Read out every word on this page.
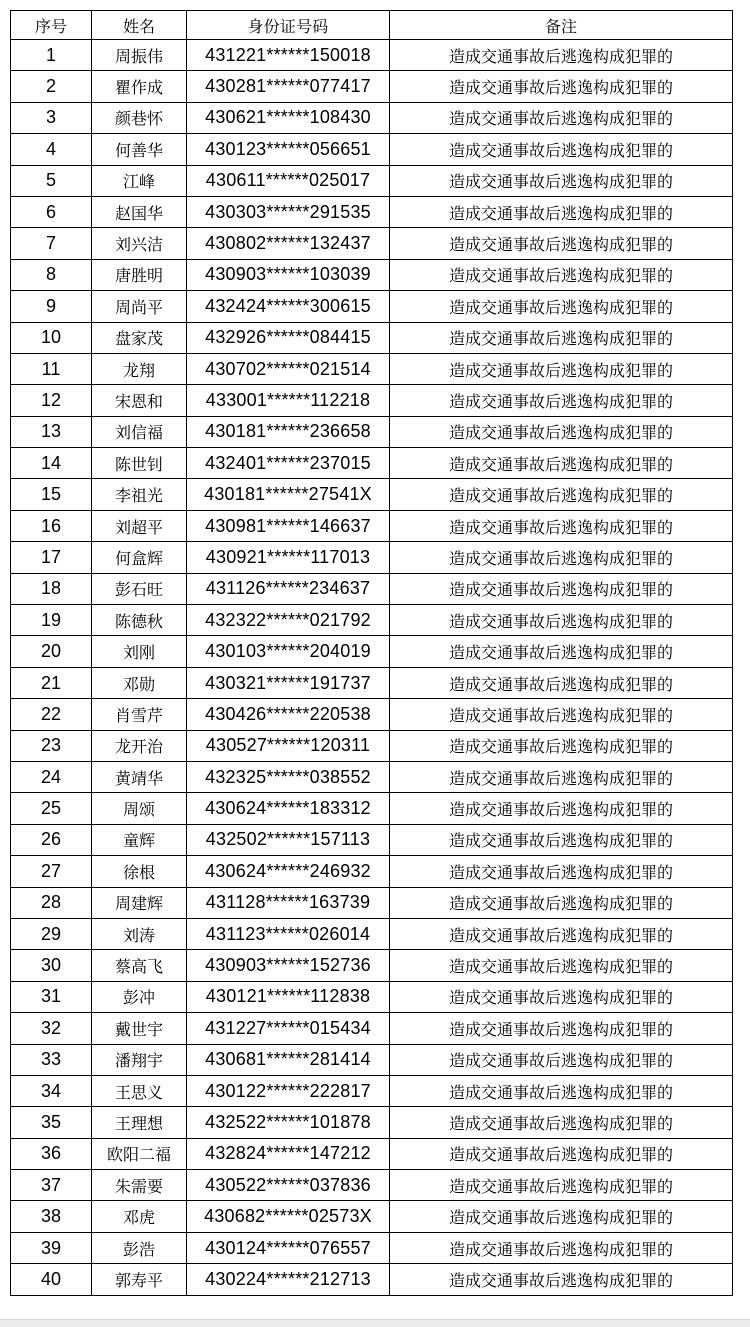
序号	姓名	身份证号码	备注
1	周振伟	431221******150018	造成交通事故后逃逸构成犯罪的
2	瞿作成	430281******077417	造成交通事故后逃逸构成犯罪的
3	颜巷怀	430621******108430	造成交通事故后逃逸构成犯罪的
4	何善华	430123******056651	造成交通事故后逃逸构成犯罪的
5	江峰	430611******025017	造成交通事故后逃逸构成犯罪的
6	赵国华	430303******291535	造成交通事故后逃逸构成犯罪的
7	刘兴洁	430802******132437	造成交通事故后逃逸构成犯罪的
8	唐胜明	430903******103039	造成交通事故后逃逸构成犯罪的
9	周尚平	432424******300615	造成交通事故后逃逸构成犯罪的
10	盘家茂	432926******084415	造成交通事故后逃逸构成犯罪的
11	龙翔	430702******021514	造成交通事故后逃逸构成犯罪的
12	宋恩和	433001******112218	造成交通事故后逃逸构成犯罪的
13	刘信福	430181******236658	造成交通事故后逃逸构成犯罪的
14	陈世钊	432401******237015	造成交通事故后逃逸构成犯罪的
15	李祖光	430181******27541X	造成交通事故后逃逸构成犯罪的
16	刘超平	430981******146637	造成交通事故后逃逸构成犯罪的
17	何盒辉	430921******117013	造成交通事故后逃逸构成犯罪的
18	彭石旺	431126******234637	造成交通事故后逃逸构成犯罪的
19	陈德秋	432322******021792	造成交通事故后逃逸构成犯罪的
20	刘刚	430103******204019	造成交通事故后逃逸构成犯罪的
21	邓勋	430321******191737	造成交通事故后逃逸构成犯罪的
22	肖雪芹	430426******220538	造成交通事故后逃逸构成犯罪的
23	龙开治	430527******120311	造成交通事故后逃逸构成犯罪的
24	黄靖华	432325******038552	造成交通事故后逃逸构成犯罪的
25	周颂	430624******183312	造成交通事故后逃逸构成犯罪的
26	童辉	432502******157113	造成交通事故后逃逸构成犯罪的
27	徐根	430624******246932	造成交通事故后逃逸构成犯罪的
28	周建辉	431128******163739	造成交通事故后逃逸构成犯罪的
29	刘涛	431123******026014	造成交通事故后逃逸构成犯罪的
30	蔡高飞	430903******152736	造成交通事故后逃逸构成犯罪的
31	彭冲	430121******112838	造成交通事故后逃逸构成犯罪的
32	戴世宇	431227******015434	造成交通事故后逃逸构成犯罪的
33	潘翔宇	430681******281414	造成交通事故后逃逸构成犯罪的
34	王思义	430122******222817	造成交通事故后逃逸构成犯罪的
35	王理想	432522******101878	造成交通事故后逃逸构成犯罪的
36	欧阳二福	432824******147212	造成交通事故后逃逸构成犯罪的
37	朱需要	430522******037836	造成交通事故后逃逸构成犯罪的
38	邓虎	430682******02573X	造成交通事故后逃逸构成犯罪的
39	彭浩	430124******076557	造成交通事故后逃逸构成犯罪的
40	郭寿平	430224******212713	造成交通事故后逃逸构成犯罪的
